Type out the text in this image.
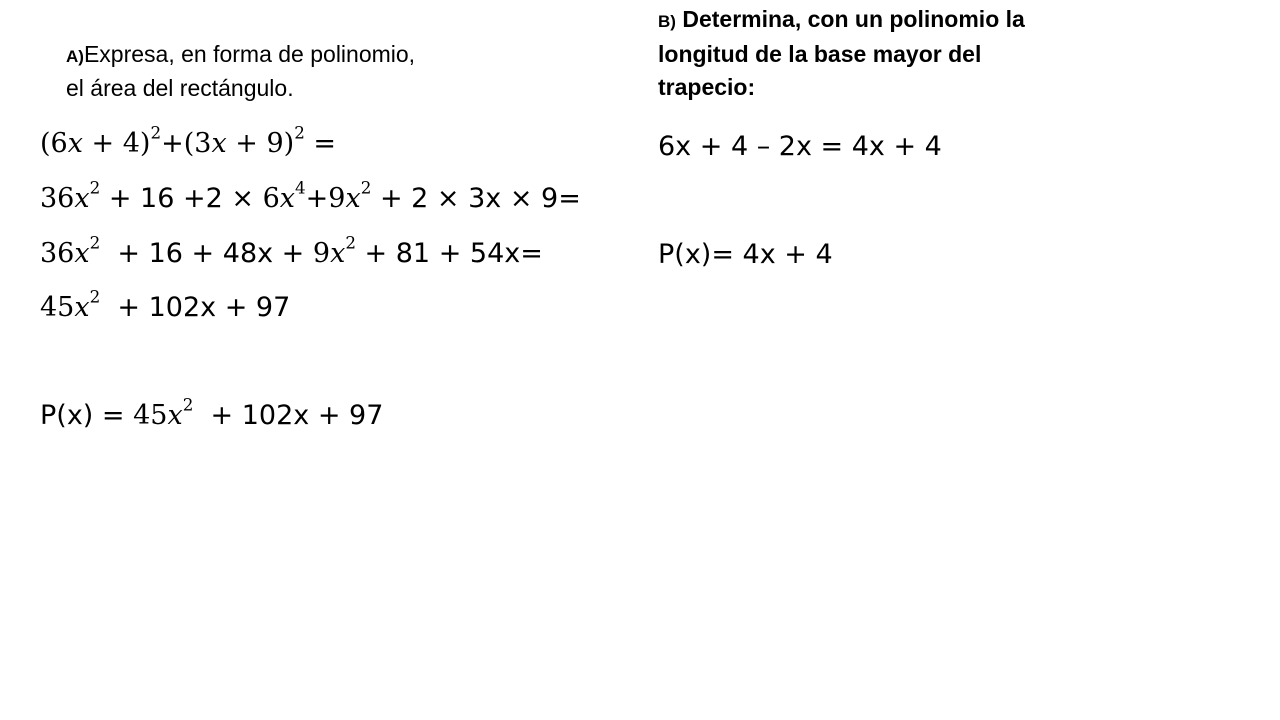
A)Expresa, en forma de polinomio,
el área del rectángulo.
$(6x + 4)^2+(3x + 9)^2$ =
$36x^2 + 16 +2 \times 6x^4+9x^2 + 2 \times 3x \times 9=$
$36x^2 + 16 + 48x + 9x^2 + 81 + 54x=$
$45x^2 + 102x + 97$
$P(x) = 45x^2 + 102x + 97$
B) Determina, con un polinomio la
longitud de la base mayor del
trapecio:
6x + 4 – 2x = 4x + 4
P(x)= 4x + 4
